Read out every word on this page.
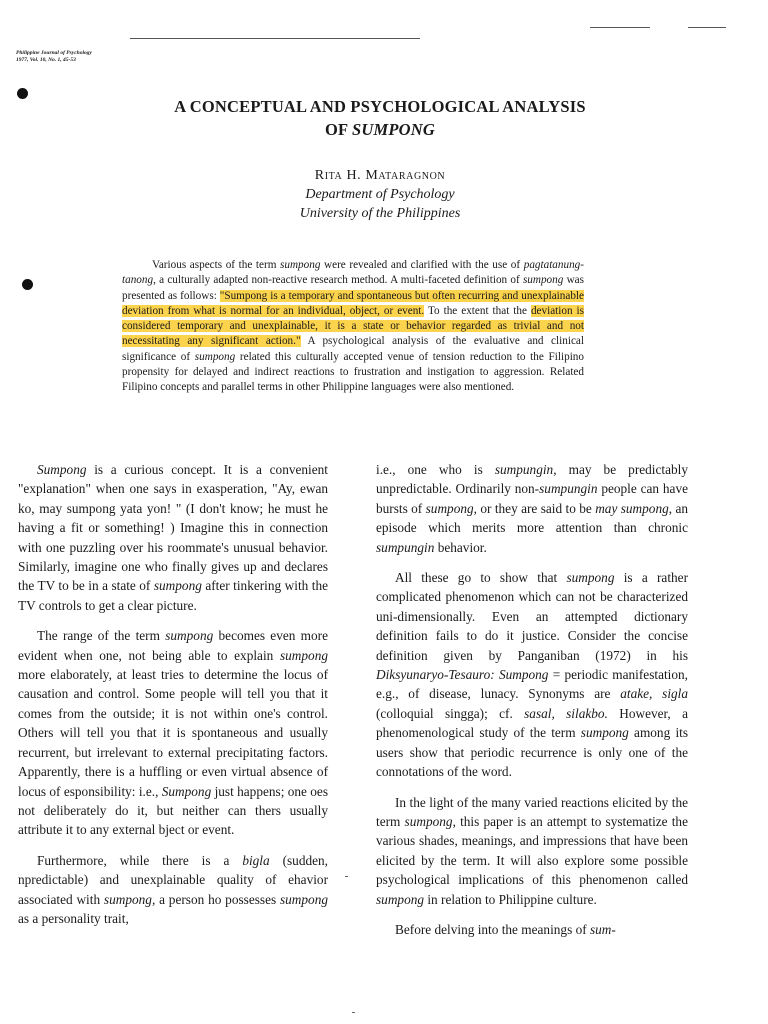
Philippine Journal of Psychology
1977, Vol. 10, No. 1, 45-53
A CONCEPTUAL AND PSYCHOLOGICAL ANALYSIS
OF SUMPONG
Rita H. Mataragnon
Department of Psychology
University of the Philippines
Various aspects of the term sumpong were revealed and clarified with the use of pagtatanung-tanong, a culturally adapted non-reactive research method. A multi-faceted definition of sumpong was presented as follows: "Sumpong is a temporary and spontaneous but often recurring and unexplainable deviation from what is normal for an individual, object, or event. To the extent that the deviation is considered temporary and unexplainable, it is a state or behavior regarded as trivial and not necessitating any significant action." A psychological analysis of the evaluative and clinical significance of sumpong related this culturally accepted venue of tension reduction to the Filipino propensity for delayed and indirect reactions to frustration and instigation to aggression. Related Filipino concepts and parallel terms in other Philippine languages were also mentioned.

Sumpong is a curious concept. It is a convenient "explanation" when one says in exasperation, "Ay, ewan ko, may sumpong yata yon! " (I don't know; he must he having a fit or something! ) Imagine this in connection with one puzzling over his roommate's unusual behavior. Similarly, imagine one who finally gives up and declares the TV to be in a state of sumpong after tinkering with the TV controls to get a clear picture.

The range of the term sumpong becomes even more evident when one, not being able to explain sumpong more elaborately, at least tries to determine the locus of causation and control. Some people will tell you that it comes from the outside; it is not within one's control. Others will tell you that it is spontaneous and usually recurrent, but irrelevant to external precipitating factors. Apparently, there is a huffling or even virtual absence of locus of esponsibility: i.e., Sumpong just happens; one oes not deliberately do it, but neither can thers usually attribute it to any external bject or event.

Furthermore, while there is a bigla (sudden, npredictable) and unexplainable quality of ehavior associated with sumpong, a person ho possesses sumpong as a personality trait,

i.e., one who is sumpungin, may be predictably unpredictable. Ordinarily non-sumpungin people can have bursts of sumpong, or they are said to be may sumpong, an episode which merits more attention than chronic sumpungin behavior.

All these go to show that sumpong is a rather complicated phenomenon which can not be characterized uni-dimensionally. Even an attempted dictionary definition fails to do it justice. Consider the concise definition given by Panganiban (1972) in his Diksyunaryo-Tesauro: Sumpong = periodic manifestation, e.g., of disease, lunacy. Synonyms are atake, sigla (colloquial singga); cf. sasal, silakbo. However, a phenomenological study of the term sumpong among its users show that periodic recurrence is only one of the connotations of the word.

In the light of the many varied reactions elicited by the term sumpong, this paper is an attempt to systematize the various shades, meanings, and impressions that have been elicited by the term. It will also explore some possible psychological implications of this phenomenon called sumpong in relation to Philippine culture.

Before delving into the meanings of sum-
